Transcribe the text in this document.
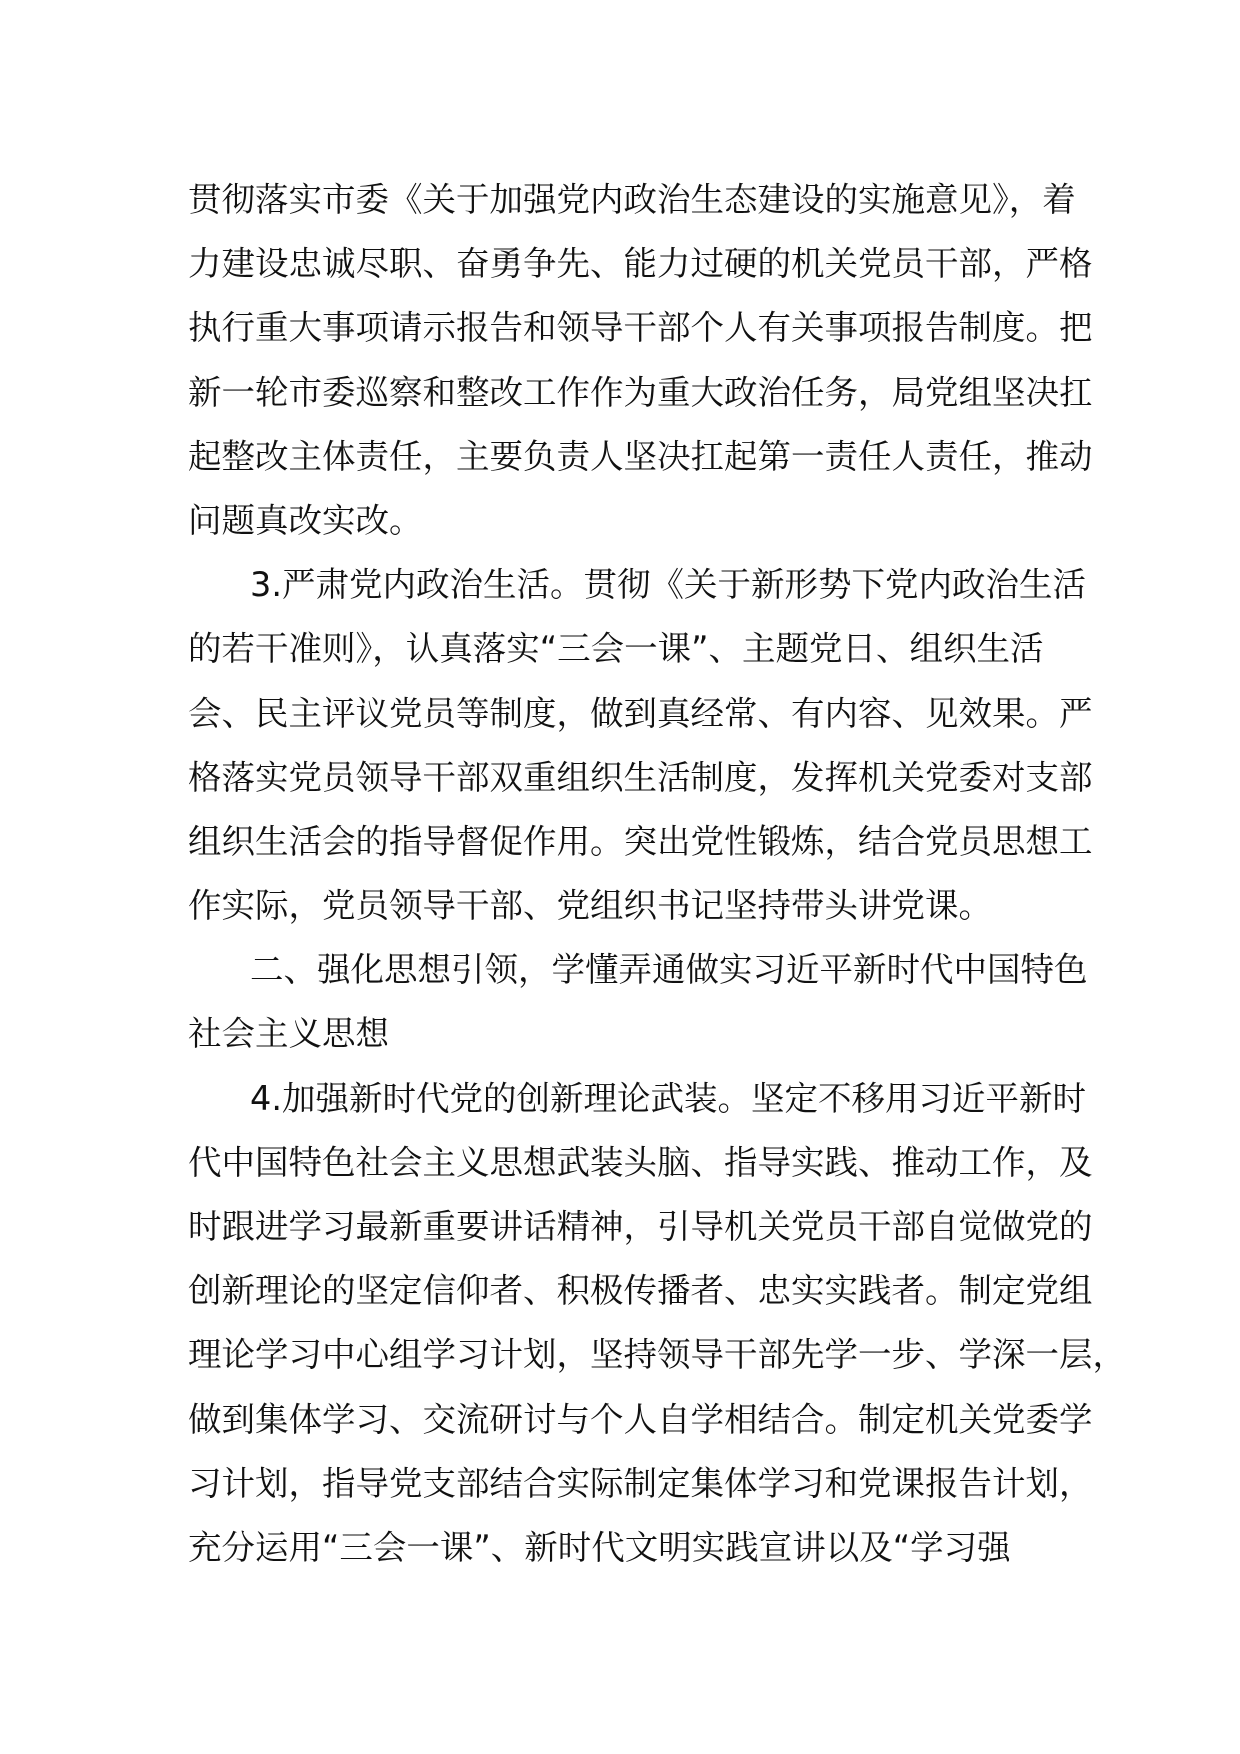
贯彻落实市委《关于加强党内政治生态建设的实施意见》，着
力建设忠诚尽职、奋勇争先、能力过硬的机关党员干部，严格
执行重大事项请示报告和领导干部个人有关事项报告制度。把
新一轮市委巡察和整改工作作为重大政治任务，局党组坚决扛
起整改主体责任，主要负责人坚决扛起第一责任人责任，推动
问题真改实改。
3.严肃党内政治生活。贯彻《关于新形势下党内政治生活
的若干准则》，认真落实“三会一课”、主题党日、组织生活
会、民主评议党员等制度，做到真经常、有内容、见效果。严
格落实党员领导干部双重组织生活制度，发挥机关党委对支部
组织生活会的指导督促作用。突出党性锻炼，结合党员思想工
作实际，党员领导干部、党组织书记坚持带头讲党课。
二、强化思想引领，学懂弄通做实习近平新时代中国特色
社会主义思想
4.加强新时代党的创新理论武装。坚定不移用习近平新时
代中国特色社会主义思想武装头脑、指导实践、推动工作，及
时跟进学习最新重要讲话精神，引导机关党员干部自觉做党的
创新理论的坚定信仰者、积极传播者、忠实实践者。制定党组
理论学习中心组学习计划，坚持领导干部先学一步、学深一层，
做到集体学习、交流研讨与个人自学相结合。制定机关党委学
习计划，指导党支部结合实际制定集体学习和党课报告计划，
充分运用“三会一课”、新时代文明实践宣讲以及“学习强
